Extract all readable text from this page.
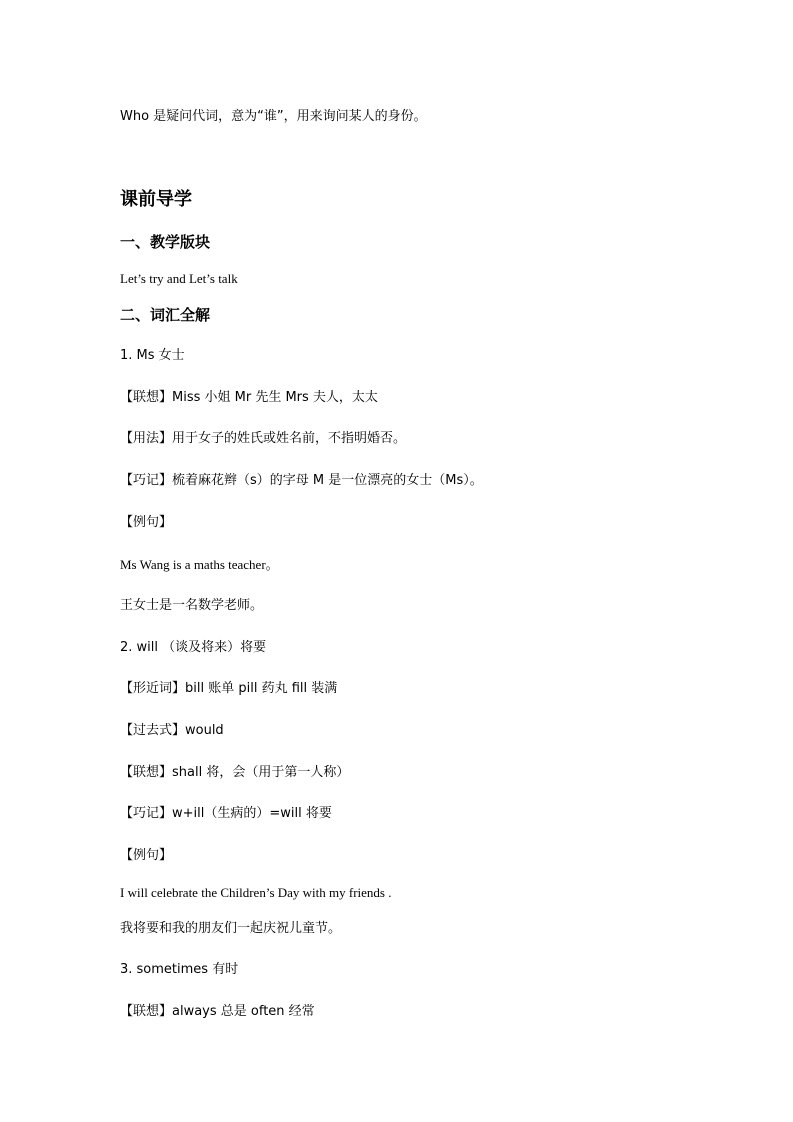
Who 是疑问代词，意为“谁”，用来询问某人的身份。
课前导学
一、教学版块
Let’s try and Let’s talk
二、词汇全解
1. Ms 女士
【联想】Miss 小姐 Mr 先生 Mrs 夫人，太太
【用法】用于女子的姓氏或姓名前，不指明婚否。
【巧记】梳着麻花辫（s）的字母 M 是一位漂亮的女士（Ms）。
【例句】
Ms Wang is a maths teacher。
王女士是一名数学老师。
2. will （谈及将来）将要
【形近词】bill 账单 pill 药丸 fill 装满
【过去式】would
【联想】shall 将，会（用于第一人称）
【巧记】w+ill（生病的）=will 将要
【例句】
I will celebrate the Children’s Day with my friends .
我将要和我的朋友们一起庆祝儿童节。
3. sometimes 有时
【联想】always 总是 often 经常
